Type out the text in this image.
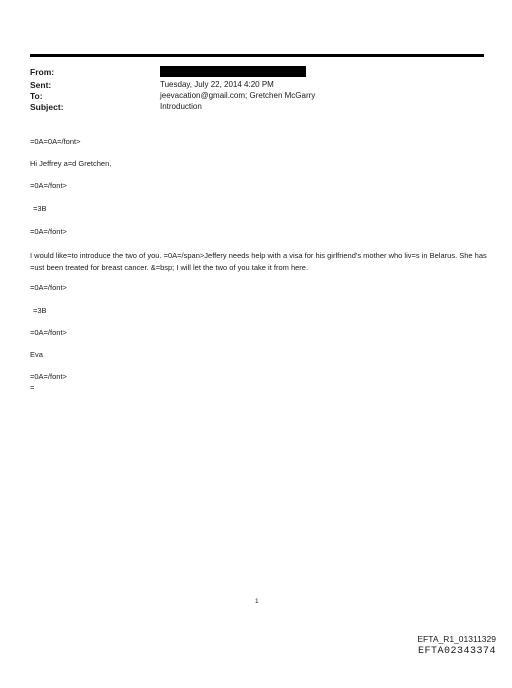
From:
Sent:	Tuesday, July 22, 2014 4:20 PM
To:	jeevacation@gmail.com; Gretchen McGarry
Subject:	Introduction
=0A=0A=/font>
Hi Jeffrey a=d Gretchen,
=0A=/font>
=3B
=0A=/font>
I would like=to introduce the two of you. =0A=/span>Jeffery needs help with a visa for his girlfriend's mother who liv=s in Belarus. She has =ust been treated for breast cancer. &=bsp; I will let the two of you take it from here.
=0A=/font>
=3B
=0A=/font>
Eva
=0A=/font>
=
1
EFTA_R1_01311329
EFTA02343374
